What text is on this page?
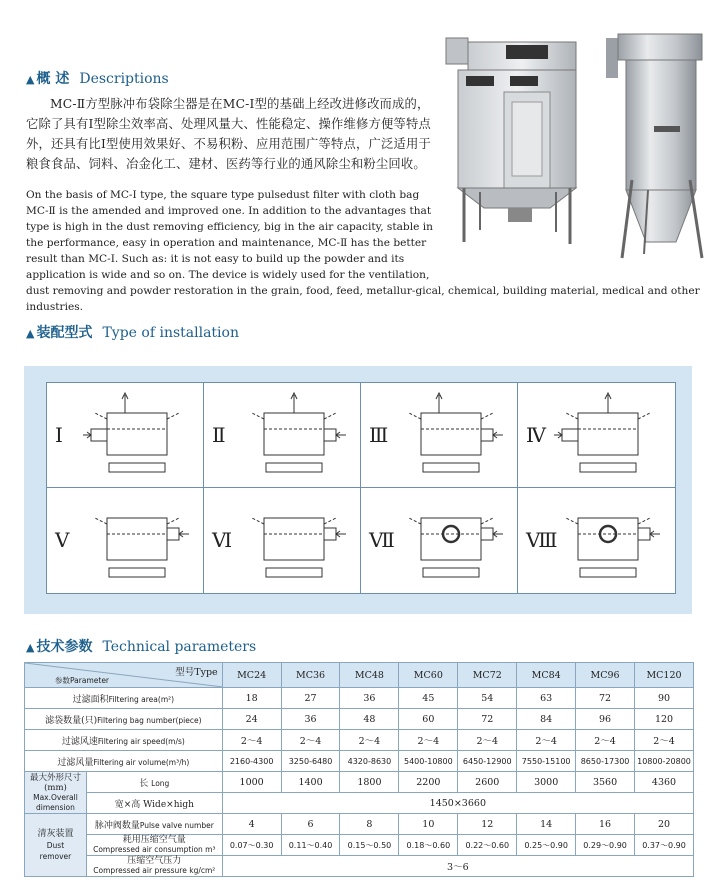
▲ 概 述 Descriptions
MC-Ⅱ方型脉冲布袋除尘器是在MC-Ⅰ型的基础上经改进修改而成的，
它除了具有Ⅰ型除尘效率高、处理风量大、性能稳定、操作维修方便等特点
外，还具有比Ⅰ型使用效果好、不易积粉、应用范围广等特点，广泛适用于
粮食食品、饲料、冶金化工、建材、医药等行业的通风除尘和粉尘回收。
On the basis of MC-Ⅰ type, the square type pulsedust filter with cloth bag
MC-Ⅱ is the amended and improved one. In addition to the advantages that
type is high in the dust removing efficiency, big in the air capacity, stable in
the performance, easy in operation and maintenance, MC-Ⅱ has the better
result than MC-Ⅰ. Such as: it is not easy to build up the powder and its
application is wide and so on. The device is widely used for the ventilation,
dust removing and powder restoration in the grain, food, feed, metallur-gical, chemical, building material, medical and other
industries.
▲ 装配型式 Type of installation
Ⅰ	Ⅱ	Ⅲ	Ⅳ
Ⅴ	Ⅵ	Ⅶ	Ⅷ
▲ 技术参数 Technical parameters
型号Type
参数Parameter		MC24	MC36	MC48	MC60	MC72	MC84	MC96	MC120
过滤面积Filtering area(m²)		18	27	36	45	54	63	72	90
滤袋数量(只)Filtering bag number(piece)		24	36	48	60	72	84	96	120
过滤风速Filtering air speed(m/s)		2～4	2～4	2～4	2～4	2～4	2～4	2～4	2～4
过滤风量Filtering air volume(m³/h)		2160-4300	3250-6480	4320-8630	5400-10800	6450-12900	7550-15100	8650-17300	10800-20800

最大外形尺寸(mm)
Max.Overall
dimension	长 Long	1000	1400	1800	2200	2600	3000	3560	4360
	宽×高 Wide×high	1450×3660							

清灰装置
Dust
remover	脉冲阀数量Pulse valve number	4	6	8	10	12	14	16	20

	耗用压缩空气量
Compressed air consumption m³	0.07～0.30	0.11～0.40	0.15～0.50	0.18～0.60	0.22～0.60	0.25～0.90	0.29～0.90	0.37～0.90

	压缩空气压力
Compressed air pressure kg/cm²	3～6							
